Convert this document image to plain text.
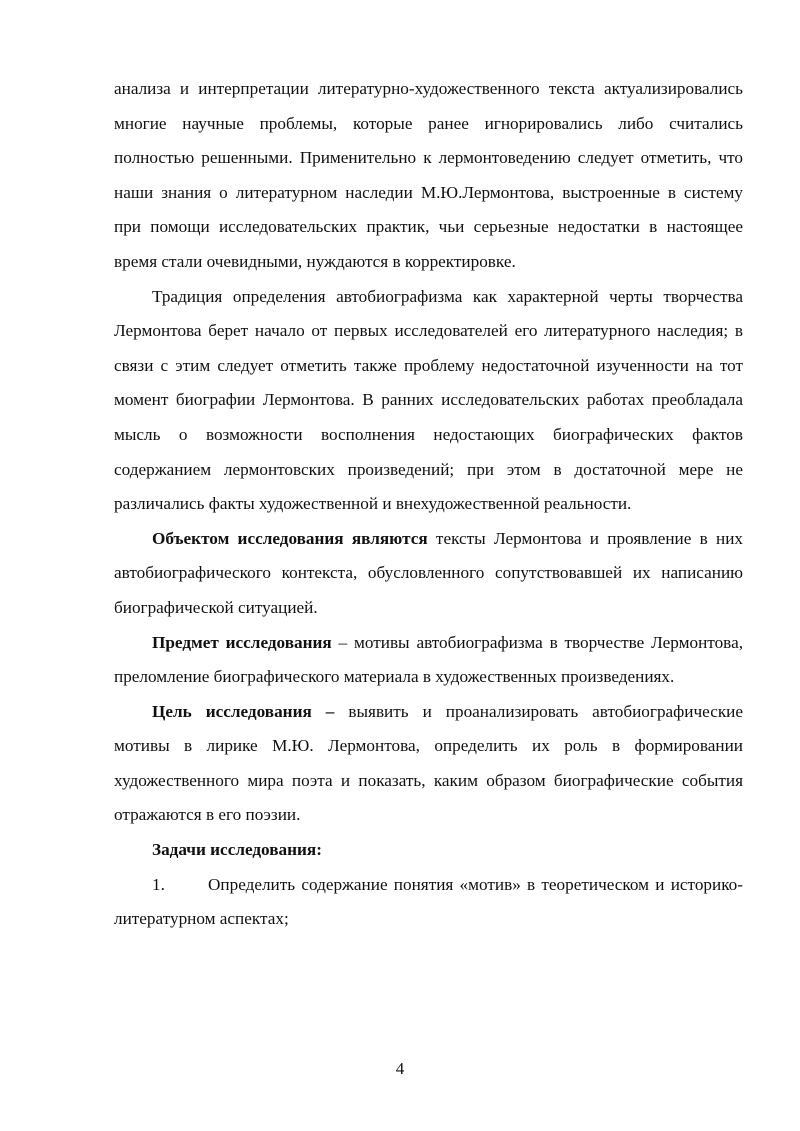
анализа и интерпретации литературно-художественного текста актуализировались многие научные проблемы, которые ранее игнорировались либо считались полностью решенными. Применительно к лермонтоведению следует отметить, что наши знания о литературном наследии М.Ю.Лермонтова, выстроенные в систему при помощи исследовательских практик, чьи серьезные недостатки в настоящее время стали очевидными, нуждаются в корректировке.

Традиция определения автобиографизма как характерной черты творчества Лермонтова берет начало от первых исследователей его литературного наследия; в связи с этим следует отметить также проблему недостаточной изученности на тот момент биографии Лермонтова. В ранних исследовательских работах преобладала мысль о возможности восполнения недостающих биографических фактов содержанием лермонтовских произведений; при этом в достаточной мере не различались факты художественной и внехудожественной реальности.

Объектом исследования являются тексты Лермонтова и проявление в них автобиографического контекста, обусловленного сопутствовавшей их написанию биографической ситуацией.

Предмет исследования – мотивы автобиографизма в творчестве Лермонтова, преломление биографического материала в художественных произведениях.

Цель исследования – выявить и проанализировать автобиографические мотивы в лирике М.Ю. Лермонтова, определить их роль в формировании художественного мира поэта и показать, каким образом биографические события отражаются в его поэзии.

Задачи исследования:

1.	Определить содержание понятия «мотив» в теоретическом и историко-литературном аспектах;

4
